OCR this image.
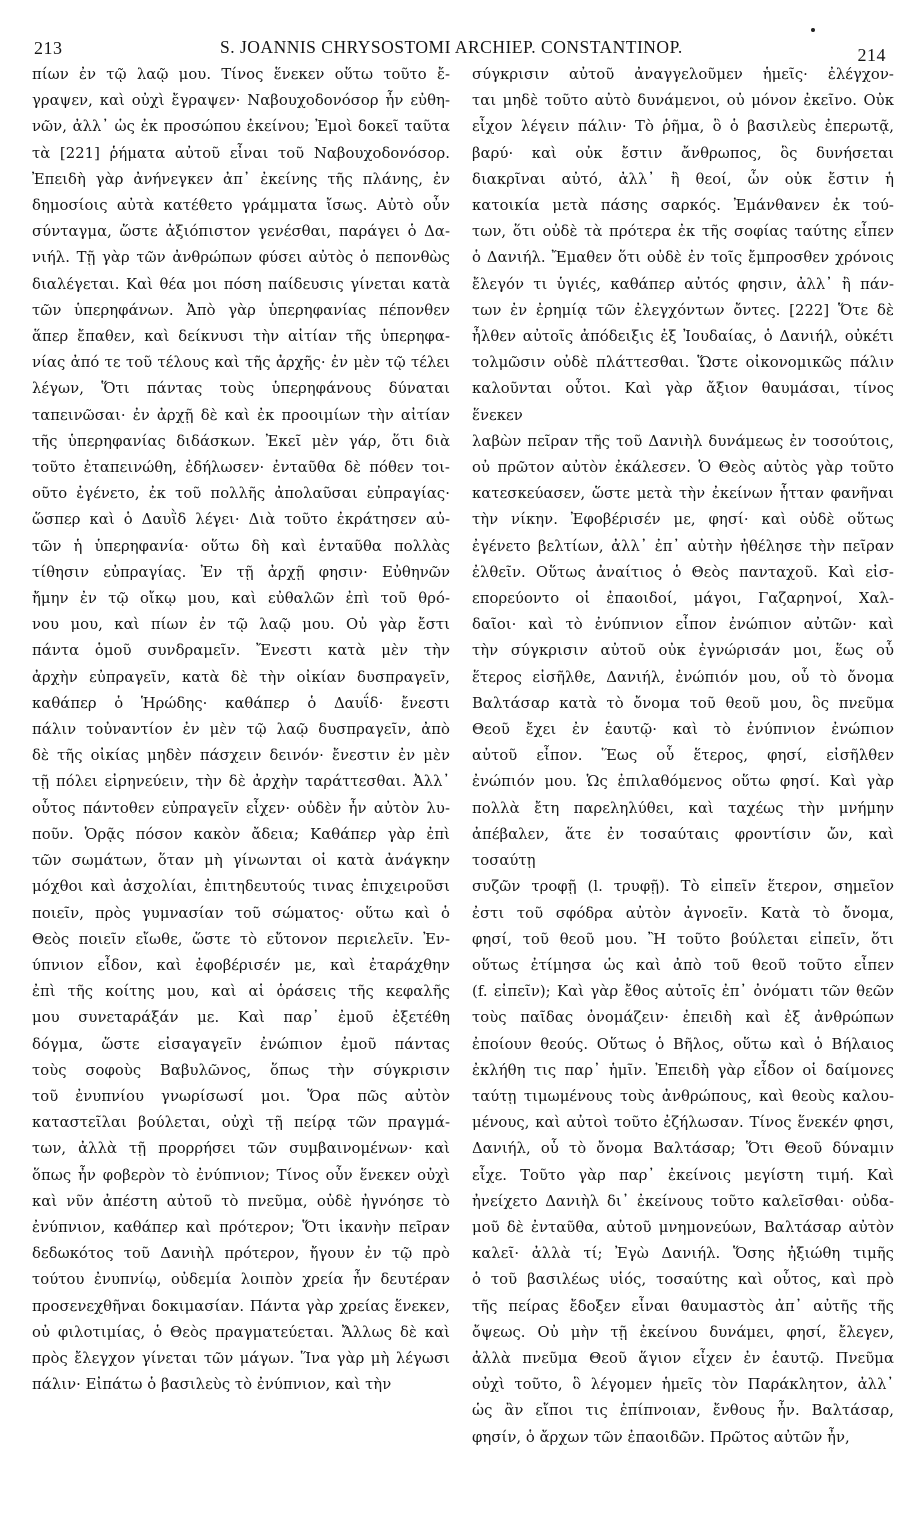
213	S. JOANNIS CHRYSOSTOMI ARCHIEP. CONSTANTINOP.	214

πίων ἐν τῷ λαῷ μου. Τίνος ἕνεκεν οὕτω τοῦτο ἔ-

γραψεν, καὶ οὐχὶ ἔγραψεν· Ναβουχοδονόσορ ἦν εὐθη-

νῶν, ἀλλ᾽ ὡς ἐκ προσώπου ἐκείνου; Ἐμοὶ δοκεῖ ταῦτα

τὰ [221] ῥήματα αὐτοῦ εἶναι τοῦ Ναβουχοδονόσορ.

Ἐπειδὴ γὰρ ἀνήνεγκεν ἀπ᾽ ἐκείνης τῆς πλάνης, ἐν

δημοσίοις αὐτὰ κατέθετο γράμματα ἴσως. Αὐτὸ οὖν

σύνταγμα, ὥστε ἀξιόπιστον γενέσθαι, παράγει ὁ Δα-

νιήλ. Τῇ γὰρ τῶν ἀνθρώπων φύσει αὐτὸς ὁ πεπονθὼς

διαλέγεται. Καὶ θέα μοι πόση παίδευσις γίνεται κατὰ

τῶν ὑπερηφάνων. Ἀπὸ γὰρ ὑπερηφανίας πέπονθεν

ἅπερ ἔπαθεν, καὶ δείκνυσι τὴν αἰτίαν τῆς ὑπερηφα-

νίας ἀπό τε τοῦ τέλους καὶ τῆς ἀρχῆς· ἐν μὲν τῷ τέλει

λέγων, Ὅτι πάντας τοὺς ὑπερηφάνους δύναται

ταπεινῶσαι· ἐν ἀρχῇ δὲ καὶ ἐκ προοιμίων τὴν αἰτίαν

τῆς ὑπερηφανίας διδάσκων. Ἐκεῖ μὲν γάρ, ὅτι διὰ

τοῦτο ἐταπεινώθη, ἐδήλωσεν· ἐνταῦθα δὲ πόθεν τοι-

οῦτο ἐγένετο, ἐκ τοῦ πολλῆς ἀπολαῦσαι εὐπραγίας·

ὥσπερ καὶ ὁ Δαυῒδ λέγει· Διὰ τοῦτο ἐκράτησεν αὐ-

τῶν ἡ ὑπερηφανία· οὕτω δὴ καὶ ἐνταῦθα πολλὰς

τίθησιν εὐπραγίας. Ἐν τῇ ἀρχῇ φησιν· Εὐθηνῶν

ἤμην ἐν τῷ οἴκῳ μου, καὶ εὐθαλῶν ἐπὶ τοῦ θρό-

νου μου, καὶ πίων ἐν τῷ λαῷ μου. Οὐ γὰρ ἔστι

πάντα ὁμοῦ συνδραμεῖν. Ἔνεστι κατὰ μὲν τὴν

ἀρχὴν εὐπραγεῖν, κατὰ δὲ τὴν οἰκίαν δυσπραγεῖν,

καθάπερ ὁ Ἡρώδης· καθάπερ ὁ Δαυΐδ· ἔνεστι

πάλιν τοὐναντίον ἐν μὲν τῷ λαῷ δυσπραγεῖν, ἀπὸ

δὲ τῆς οἰκίας μηδὲν πάσχειν δεινόν· ἔνεστιν ἐν μὲν

τῇ πόλει εἰρηνεύειν, τὴν δὲ ἀρχὴν ταράττεσθαι. Ἀλλ᾽

οὗτος πάντοθεν εὐπραγεῖν εἶχεν· οὐδὲν ἦν αὐτὸν λυ-

ποῦν. Ὁρᾷς πόσον κακὸν ἄδεια; Καθάπερ γὰρ ἐπὶ

τῶν σωμάτων, ὅταν μὴ γίνωνται οἱ κατὰ ἀνάγκην

μόχθοι καὶ ἀσχολίαι, ἐπιτηδευτούς τινας ἐπιχειροῦσι

ποιεῖν, πρὸς γυμνασίαν τοῦ σώματος· οὕτω καὶ ὁ

Θεὸς ποιεῖν εἴωθε, ὥστε τὸ εὔτονον περιελεῖν. Ἐν-

ύπνιον εἶδον, καὶ ἐφοβέρισέν με, καὶ ἐταράχθην

ἐπὶ τῆς κοίτης μου, καὶ αἱ ὁράσεις τῆς κεφαλῆς

μου συνεταράξάν με. Καὶ παρ᾽ ἐμοῦ ἐξετέθη

δόγμα, ὥστε εἰσαγαγεῖν ἐνώπιον ἐμοῦ πάντας

τοὺς σοφοὺς Βαβυλῶνος, ὅπως τὴν σύγκρισιν

τοῦ ἐνυπνίου γνωρίσωσί μοι. Ὅρα πῶς αὐτὸν

καταστεῖλαι βούλεται, οὐχὶ τῇ πείρᾳ τῶν πραγμά-

των, ἀλλὰ τῇ προρρήσει τῶν συμβαινομένων· καὶ

ὅπως ἦν φοβερὸν τὸ ἐνύπνιον; Τίνος οὖν ἕνεκεν οὐχὶ

καὶ νῦν ἀπέστη αὐτοῦ τὸ πνεῦμα, οὐδὲ ἠγνόησε τὸ

ἐνύπνιον, καθάπερ καὶ πρότερον; Ὅτι ἱκανὴν πεῖραν

δεδωκότος τοῦ Δανιὴλ πρότερον, ἤγουν ἐν τῷ πρὸ

τούτου ἐνυπνίῳ, οὐδεμία λοιπὸν χρεία ἦν δευτέραν

προσενεχθῆναι δοκιμασίαν. Πάντα γὰρ χρείας ἕνεκεν,

οὐ φιλοτιμίας, ὁ Θεὸς πραγματεύεται. Ἄλλως δὲ καὶ

πρὸς ἔλεγχον γίνεται τῶν μάγων. Ἵνα γὰρ μὴ λέγωσι

πάλιν· Εἰπάτω ὁ βασιλεὺς τὸ ἐνύπνιον, καὶ τὴν

σύγκρισιν αὐτοῦ ἀναγγελοῦμεν ἡμεῖς· ἐλέγχον-

ται μηδὲ τοῦτο αὐτὸ δυνάμενοι, οὐ μόνον ἐκεῖνο. Οὐκ

εἶχον λέγειν πάλιν· Τὸ ῥῆμα, ὃ ὁ βασιλεὺς ἐπερωτᾷ,

βαρύ· καὶ οὐκ ἔστιν ἄνθρωπος, ὃς δυνήσεται

διακρῖναι αὐτό, ἀλλ᾽ ἢ θεοί, ὧν οὐκ ἔστιν ἡ

κατοικία μετὰ πάσης σαρκός. Ἐμάνθανεν ἐκ τού-

των, ὅτι οὐδὲ τὰ πρότερα ἐκ τῆς σοφίας ταύτης εἶπεν

ὁ Δανιήλ. Ἔμαθεν ὅτι οὐδὲ ἐν τοῖς ἔμπροσθεν χρόνοις

ἔλεγόν τι ὑγιές, καθάπερ αὐτός φησιν, ἀλλ᾽ ἢ πάν-

των ἐν ἐρημίᾳ τῶν ἐλεγχόντων ὄντες. [222] Ὅτε δὲ

ἦλθεν αὐτοῖς ἀπόδειξις ἐξ Ἰουδαίας, ὁ Δανιήλ, οὐκέτι

τολμῶσιν οὐδὲ πλάττεσθαι. Ὥστε οἰκονομικῶς πάλιν

καλοῦνται οὗτοι. Καὶ γὰρ ἄξιον θαυμάσαι, τίνος ἕνεκεν

λαβὼν πεῖραν τῆς τοῦ Δανιὴλ δυνάμεως ἐν τοσούτοις,

οὐ πρῶτον αὐτὸν ἐκάλεσεν. Ὁ Θεὸς αὐτὸς γὰρ τοῦτο

κατεσκεύασεν, ὥστε μετὰ τὴν ἐκείνων ἧτταν φανῆναι

τὴν νίκην. Ἐφοβέρισέν με, φησί· καὶ οὐδὲ οὕτως

ἐγένετο βελτίων, ἀλλ᾽ ἐπ᾽ αὐτὴν ἠθέλησε τὴν πεῖραν

ἐλθεῖν. Οὕτως ἀναίτιος ὁ Θεὸς πανταχοῦ. Καὶ εἰσ-

επορεύοντο οἱ ἐπαοιδοί, μάγοι, Γαζαρηνοί, Χαλ-

δαῖοι· καὶ τὸ ἐνύπνιον εἶπον ἐνώπιον αὐτῶν· καὶ

τὴν σύγκρισιν αὐτοῦ οὐκ ἐγνώρισάν μοι, ἕως οὗ

ἕτερος εἰσῆλθε, Δανιήλ, ἐνώπιόν μου, οὗ τὸ ὄνομα

Βαλτάσαρ κατὰ τὸ ὄνομα τοῦ θεοῦ μου, ὃς πνεῦμα

Θεοῦ ἔχει ἐν ἑαυτῷ· καὶ τὸ ἐνύπνιον ἐνώπιον

αὐτοῦ εἶπον. Ἕως οὗ ἕτερος, φησί, εἰσῆλθεν

ἐνώπιόν μου. Ὡς ἐπιλαθόμενος οὕτω φησί. Καὶ γὰρ

πολλὰ ἔτη παρεληλύθει, καὶ ταχέως τὴν μνήμην

ἀπέβαλεν, ἅτε ἐν τοσαύταις φροντίσιν ὤν, καὶ τοσαύτῃ

συζῶν τροφῇ (l. τρυφῇ). Τὸ εἰπεῖν ἕτερον, σημεῖον

ἐστι τοῦ σφόδρα αὐτὸν ἀγνοεῖν. Κατὰ τὸ ὄνομα,

φησί, τοῦ θεοῦ μου. Ἢ τοῦτο βούλεται εἰπεῖν, ὅτι

οὕτως ἐτίμησα ὡς καὶ ἀπὸ τοῦ θεοῦ τοῦτο εἶπεν

(f. εἰπεῖν); Καὶ γὰρ ἔθος αὐτοῖς ἐπ᾽ ὀνόματι τῶν θεῶν

τοὺς παῖδας ὀνομάζειν· ἐπειδὴ καὶ ἐξ ἀνθρώπων

ἐποίουν θεούς. Οὕτως ὁ Βῆλος, οὕτω καὶ ὁ Βήλαιος

ἐκλήθη τις παρ᾽ ἡμῖν. Ἐπειδὴ γὰρ εἶδον οἱ δαίμονες

ταύτῃ τιμωμένους τοὺς ἀνθρώπους, καὶ θεοὺς καλου-

μένους, καὶ αὐτοὶ τοῦτο ἐζήλωσαν. Τίνος ἕνεκέν φησι,

Δανιήλ, οὗ τὸ ὄνομα Βαλτάσαρ; Ὅτι Θεοῦ δύναμιν

εἶχε. Τοῦτο γὰρ παρ᾽ ἐκείνοις μεγίστη τιμή. Καὶ

ἠνείχετο Δανιὴλ δι᾽ ἐκείνους τοῦτο καλεῖσθαι· οὐδα-

μοῦ δὲ ἐνταῦθα, αὐτοῦ μνημονεύων, Βαλτάσαρ αὐτὸν

καλεῖ· ἀλλὰ τί; Ἐγὼ Δανιήλ. Ὅσης ἠξιώθη τιμῆς

ὁ τοῦ βασιλέως υἱός, τοσαύτης καὶ οὗτος, καὶ πρὸ

τῆς πείρας ἔδοξεν εἶναι θαυμαστὸς ἀπ᾽ αὐτῆς τῆς

ὄψεως. Οὐ μὴν τῇ ἐκείνου δυνάμει, φησί, ἔλεγεν,

ἀλλὰ πνεῦμα Θεοῦ ἅγιον εἶχεν ἐν ἑαυτῷ. Πνεῦμα

οὐχὶ τοῦτο, ὃ λέγομεν ἡμεῖς τὸν Παράκλητον, ἀλλ᾽

ὡς ἂν εἴποι τις ἐπίπνοιαν, ἔνθους ἦν. Βαλτάσαρ,

φησίν, ὁ ἄρχων τῶν ἐπαοιδῶν. Πρῶτος αὐτῶν ἦν,
